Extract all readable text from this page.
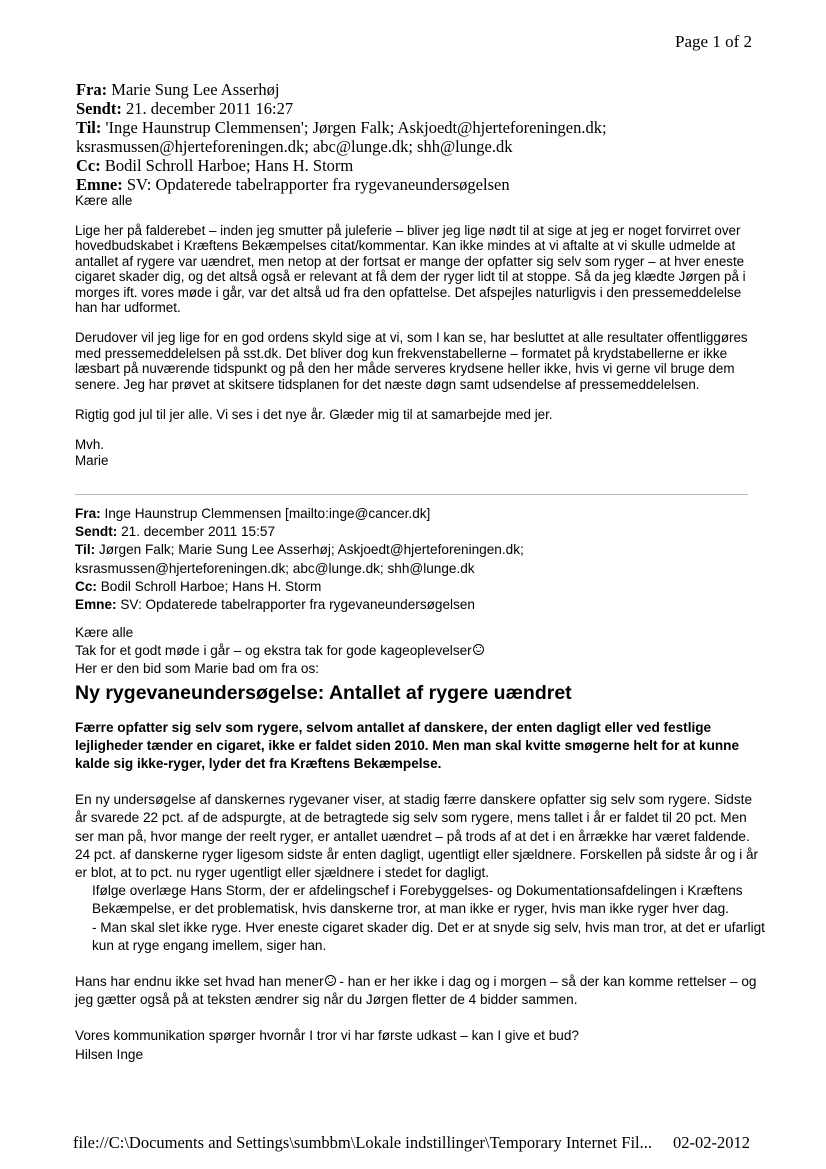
Page 1 of 2
Fra: Marie Sung Lee Asserhøj
Sendt: 21. december 2011 16:27
Til: 'Inge Haunstrup Clemmensen'; Jørgen Falk; Askjoedt@hjerteforeningen.dk;
ksrasmussen@hjerteforeningen.dk; abc@lunge.dk; shh@lunge.dk
Cc: Bodil Schroll Harboe; Hans H. Storm
Emne: SV: Opdaterede tabelrapporter fra rygevaneundersøgelsen

Kære alle

Lige her på falderebet – inden jeg smutter på juleferie – bliver jeg lige nødt til at sige at jeg er noget forvirret over hovedbudskabet i Kræftens Bekæmpelses citat/kommentar. Kan ikke mindes at vi aftalte at vi skulle udmelde at antallet af rygere var uændret, men netop at der fortsat er mange der opfatter sig selv som ryger – at hver eneste cigaret skader dig, og det altså også er relevant at få dem der ryger lidt til at stoppe. Så da jeg klædte Jørgen på i morges ift. vores møde i går, var det altså ud fra den opfattelse. Det afspejles naturligvis i den pressemeddelelse han har udformet.

Derudover vil jeg lige for en god ordens skyld sige at vi, som I kan se, har besluttet at alle resultater offentliggøres med pressemeddelelsen på sst.dk. Det bliver dog kun frekvenstabellerne – formatet på krydstabellerne er ikke læsbart på nuværende tidspunkt og på den her måde serveres krydsene heller ikke, hvis vi gerne vil bruge dem senere. Jeg har prøvet at skitsere tidsplanen for det næste døgn samt udsendelse af pressemeddelelsen.

Rigtig god jul til jer alle. Vi ses i det nye år. Glæder mig til at samarbejde med jer.

Mvh.

Marie

Fra: Inge Haunstrup Clemmensen [mailto:inge@cancer.dk]
Sendt: 21. december 2011 15:57
Til: Jørgen Falk; Marie Sung Lee Asserhøj; Askjoedt@hjerteforeningen.dk;
ksrasmussen@hjerteforeningen.dk; abc@lunge.dk; shh@lunge.dk
Cc: Bodil Schroll Harboe; Hans H. Storm
Emne: SV: Opdaterede tabelrapporter fra rygevaneundersøgelsen

Kære alle

Tak for et godt møde i går – og ekstra tak for gode kageoplevelser

Her er den bid som Marie bad om fra os:

Ny rygevaneundersøgelse: Antallet af rygere uændret

Færre opfatter sig selv som rygere, selvom antallet af danskere, der enten dagligt eller ved festlige lejligheder tænder en cigaret, ikke er faldet siden 2010. Men man skal kvitte smøgerne helt for at kunne kalde sig ikke-ryger, lyder det fra Kræftens Bekæmpelse.

En ny undersøgelse af danskernes rygevaner viser, at stadig færre danskere opfatter sig selv som rygere. Sidste år svarede 22 pct. af de adspurgte, at de betragtede sig selv som rygere, mens tallet i år er faldet til 20 pct. Men ser man på, hvor mange der reelt ryger, er antallet uændret – på trods af at det i en årrække har været faldende. 24 pct. af danskerne ryger ligesom sidste år enten dagligt, ugentligt eller sjældnere. Forskellen på sidste år og i år er blot, at to pct. nu ryger ugentligt eller sjældnere i stedet for dagligt.

Ifølge overlæge Hans Storm, der er afdelingschef i Forebyggelses- og Dokumentationsafdelingen i Kræftens Bekæmpelse, er det problematisk, hvis danskerne tror, at man ikke er ryger, hvis man ikke ryger hver dag.

- Man skal slet ikke ryge. Hver eneste cigaret skader dig. Det er at snyde sig selv, hvis man tror, at det er ufarligt kun at ryge engang imellem, siger han.

Hans har endnu ikke set hvad han mener - han er her ikke i dag og i morgen – så der kan komme rettelser – og jeg gætter også på at teksten ændrer sig når du Jørgen fletter de 4 bidder sammen.

Vores kommunikation spørger hvornår I tror vi har første udkast – kan I give et bud?

Hilsen Inge

file://C:\Documents and Settings\sumbbm\Lokale indstillinger\Temporary Internet Fil... 02-02-2012
